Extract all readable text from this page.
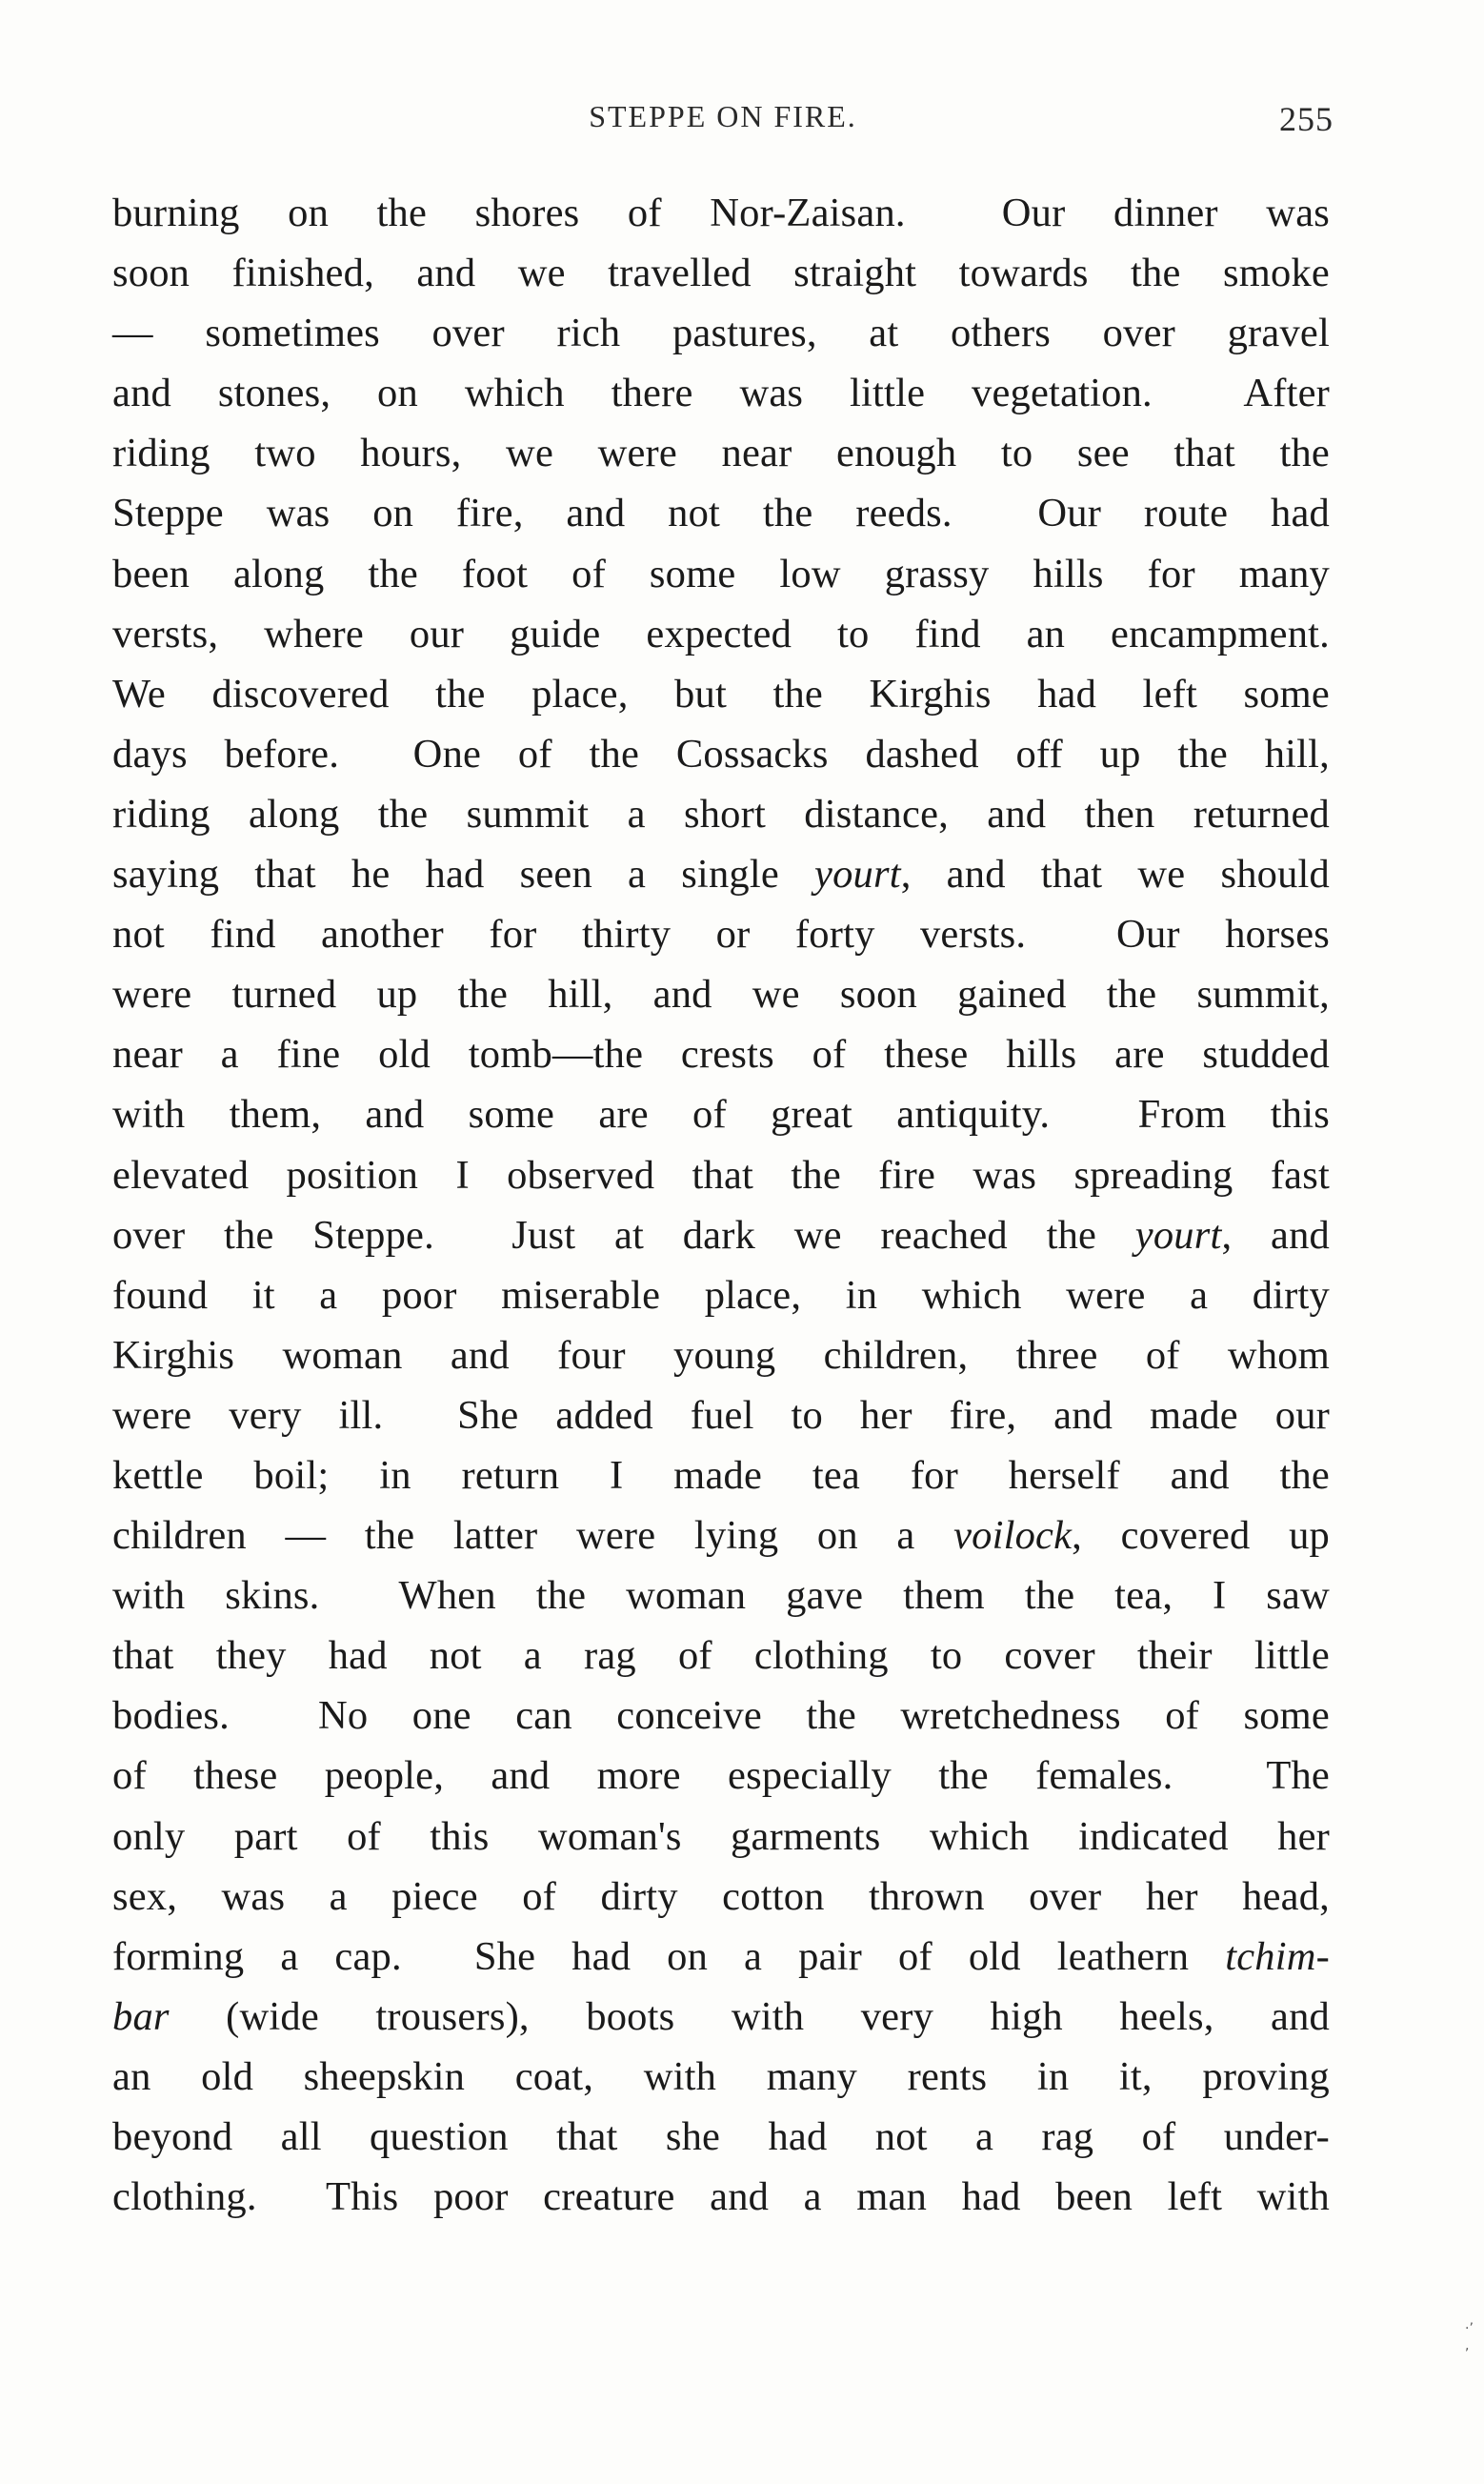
STEPPE ON FIRE.	255
burning on the shores of Nor-Zaisan.  Our dinner was
soon finished, and we travelled straight towards the smoke
— sometimes over rich pastures, at others over gravel
and stones, on which there was little vegetation.  After
riding two hours, we were near enough to see that the
Steppe was on fire, and not the reeds.  Our route had
been along the foot of some low grassy hills for many
versts, where our guide expected to find an encampment.
We discovered the place, but the Kirghis had left some
days before.  One of the Cossacks dashed off up the hill,
riding along the summit a short distance, and then returned
saying that he had seen a single yourt, and that we should
not find another for thirty or forty versts.  Our horses
were turned up the hill, and we soon gained the summit,
near a fine old tomb—the crests of these hills are studded
with them, and some are of great antiquity.  From this
elevated position I observed that the fire was spreading fast
over the Steppe.  Just at dark we reached the yourt, and
found it a poor miserable place, in which were a dirty
Kirghis woman and four young children, three of whom
were very ill.  She added fuel to her fire, and made our
kettle boil; in return I made tea for herself and the
children — the latter were lying on a voilock, covered up
with skins.  When the woman gave them the tea, I saw
that they had not a rag of clothing to cover their little
bodies.  No one can conceive the wretchedness of some
of these people, and more especially the females.  The
only part of this woman's garments which indicated her
sex, was a piece of dirty cotton thrown over her head,
forming a cap.  She had on a pair of old leathern tchim-
bar (wide trousers), boots with very high heels, and
an old sheepskin coat, with many rents in it, proving
beyond all question that she had not a rag of under-
clothing.  This poor creature and a man had been left with
·’
,
